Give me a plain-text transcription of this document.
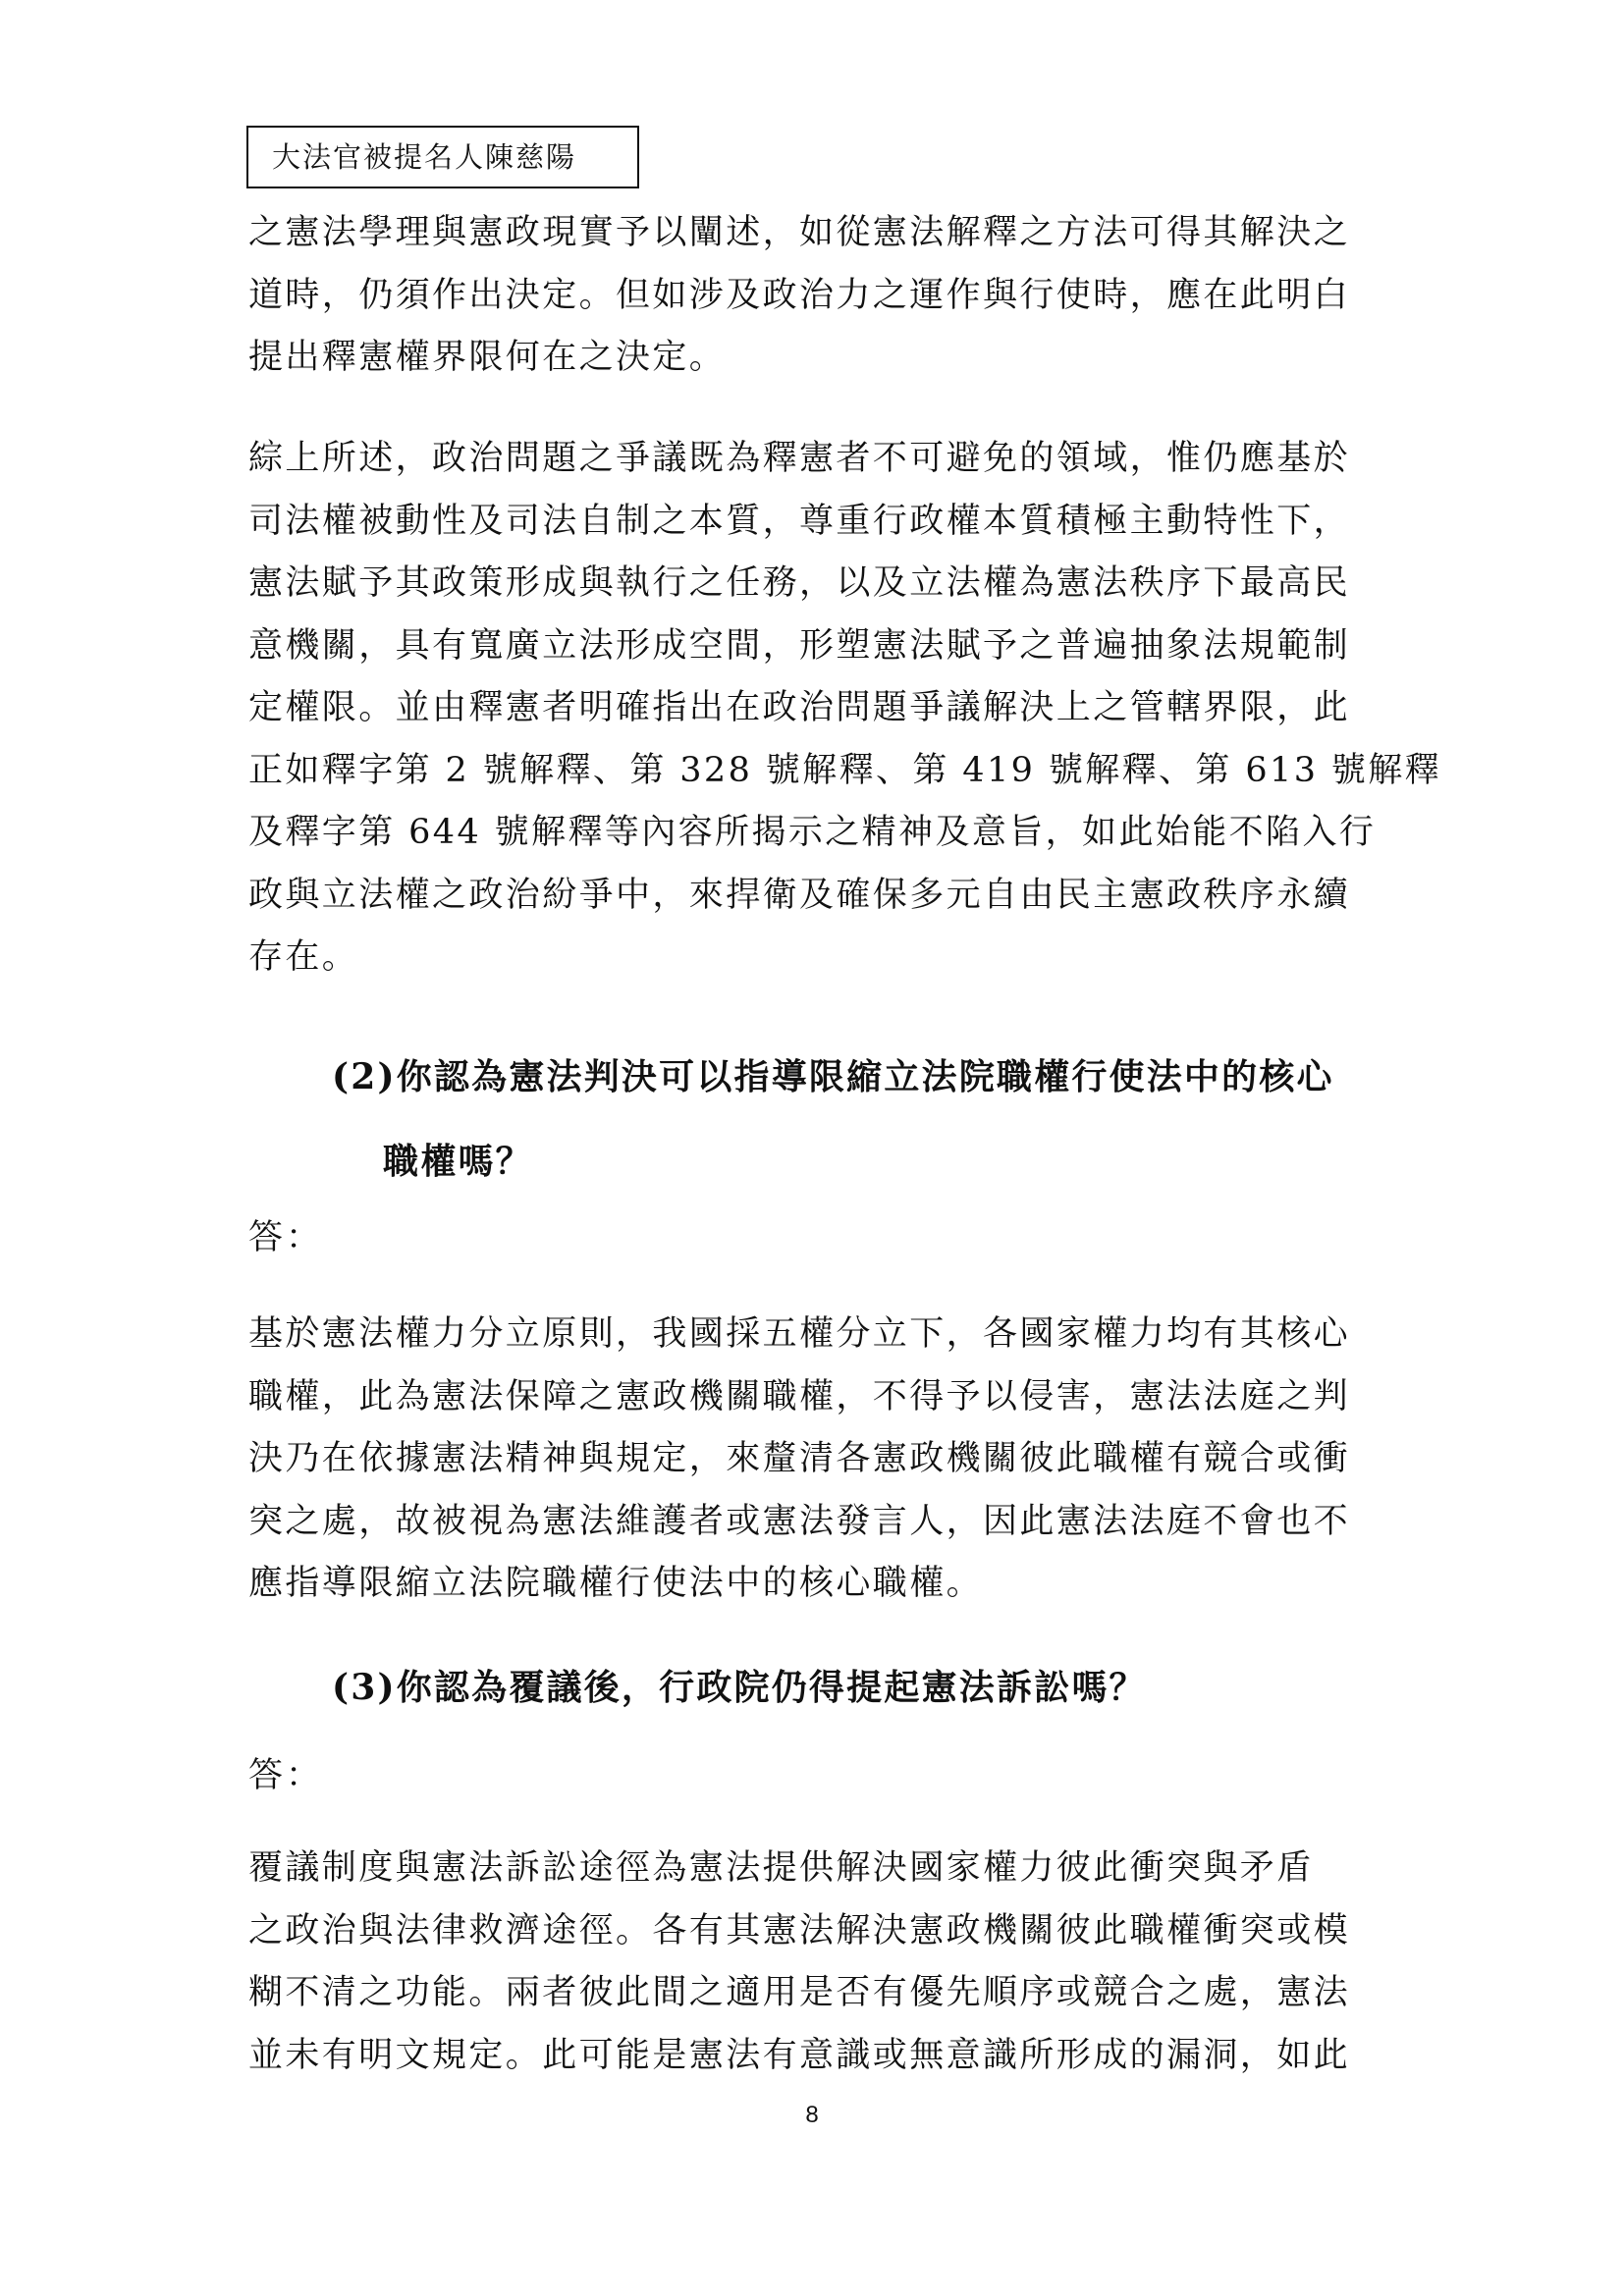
大法官被提名人陳慈陽
之憲法學理與憲政現實予以闡述，如從憲法解釋之方法可得其解決之
道時，仍須作出決定。但如涉及政治力之運作與行使時，應在此明白
提出釋憲權界限何在之決定。
綜上所述，政治問題之爭議既為釋憲者不可避免的領域，惟仍應基於
司法權被動性及司法自制之本質，尊重行政權本質積極主動特性下，
憲法賦予其政策形成與執行之任務，以及立法權為憲法秩序下最高民
意機關，具有寬廣立法形成空間，形塑憲法賦予之普遍抽象法規範制
定權限。並由釋憲者明確指出在政治問題爭議解決上之管轄界限，此
正如釋字第 2 號解釋、第 328 號解釋、第 419 號解釋、第 613 號解釋
及釋字第 644 號解釋等內容所揭示之精神及意旨，如此始能不陷入行
政與立法權之政治紛爭中，來捍衛及確保多元自由民主憲政秩序永續
存在。
(2)你認為憲法判決可以指導限縮立法院職權行使法中的核心
職權嗎？
答：
基於憲法權力分立原則，我國採五權分立下，各國家權力均有其核心
職權，此為憲法保障之憲政機關職權，不得予以侵害，憲法法庭之判
決乃在依據憲法精神與規定，來釐清各憲政機關彼此職權有競合或衝
突之處，故被視為憲法維護者或憲法發言人，因此憲法法庭不會也不
應指導限縮立法院職權行使法中的核心職權。
(3)你認為覆議後，行政院仍得提起憲法訴訟嗎？
答：
覆議制度與憲法訴訟途徑為憲法提供解決國家權力彼此衝突與矛盾
之政治與法律救濟途徑。各有其憲法解決憲政機關彼此職權衝突或模
糊不清之功能。兩者彼此間之適用是否有優先順序或競合之處，憲法
並未有明文規定。此可能是憲法有意識或無意識所形成的漏洞，如此
8
